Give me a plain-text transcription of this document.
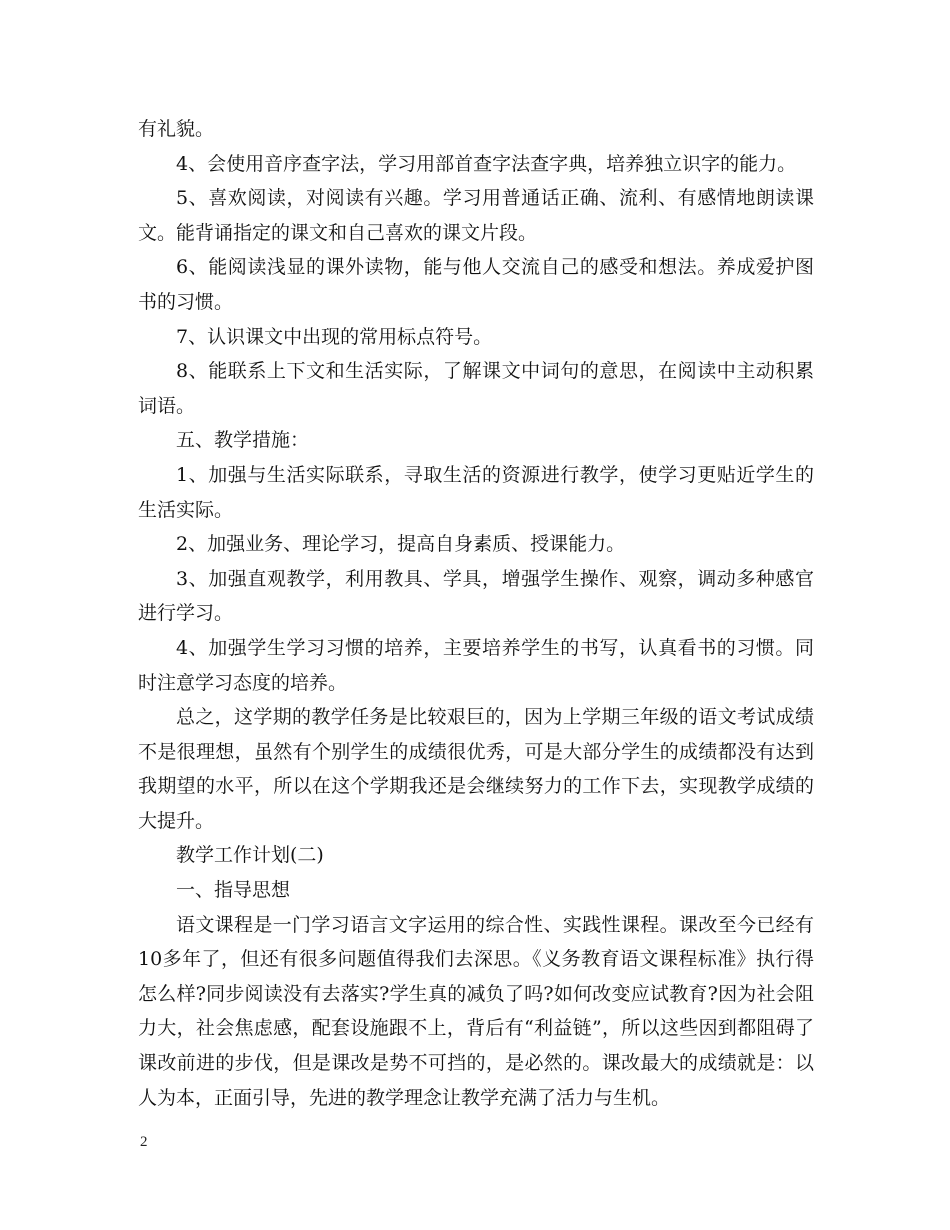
有礼貌。

4、会使用音序查字法，学习用部首查字法查字典，培养独立识字的能力。

5、喜欢阅读，对阅读有兴趣。学习用普通话正确、流利、有感情地朗读课文。能背诵指定的课文和自己喜欢的课文片段。

6、能阅读浅显的课外读物，能与他人交流自己的感受和想法。养成爱护图书的习惯。

7、认识课文中出现的常用标点符号。

8、能联系上下文和生活实际，了解课文中词句的意思，在阅读中主动积累词语。

五、教学措施：

1、加强与生活实际联系，寻取生活的资源进行教学，使学习更贴近学生的生活实际。

2、加强业务、理论学习，提高自身素质、授课能力。

3、加强直观教学，利用教具、学具，增强学生操作、观察，调动多种感官进行学习。

4、加强学生学习习惯的培养，主要培养学生的书写，认真看书的习惯。同时注意学习态度的培养。

总之，这学期的教学任务是比较艰巨的，因为上学期三年级的语文考试成绩不是很理想，虽然有个别学生的成绩很优秀，可是大部分学生的成绩都没有达到我期望的水平，所以在这个学期我还是会继续努力的工作下去，实现教学成绩的大提升。

教学工作计划(二)

一、指导思想

语文课程是一门学习语言文字运用的综合性、实践性课程。课改至今已经有10多年了，但还有很多问题值得我们去深思。《义务教育语文课程标准》执行得怎么样?同步阅读没有去落实?学生真的减负了吗?如何改变应试教育?因为社会阻力大，社会焦虑感，配套设施跟不上，背后有“利益链”，所以这些因到都阻碍了课改前进的步伐，但是课改是势不可挡的，是必然的。课改最大的成绩就是：以人为本，正面引导，先进的教学理念让教学充满了活力与生机。

2
